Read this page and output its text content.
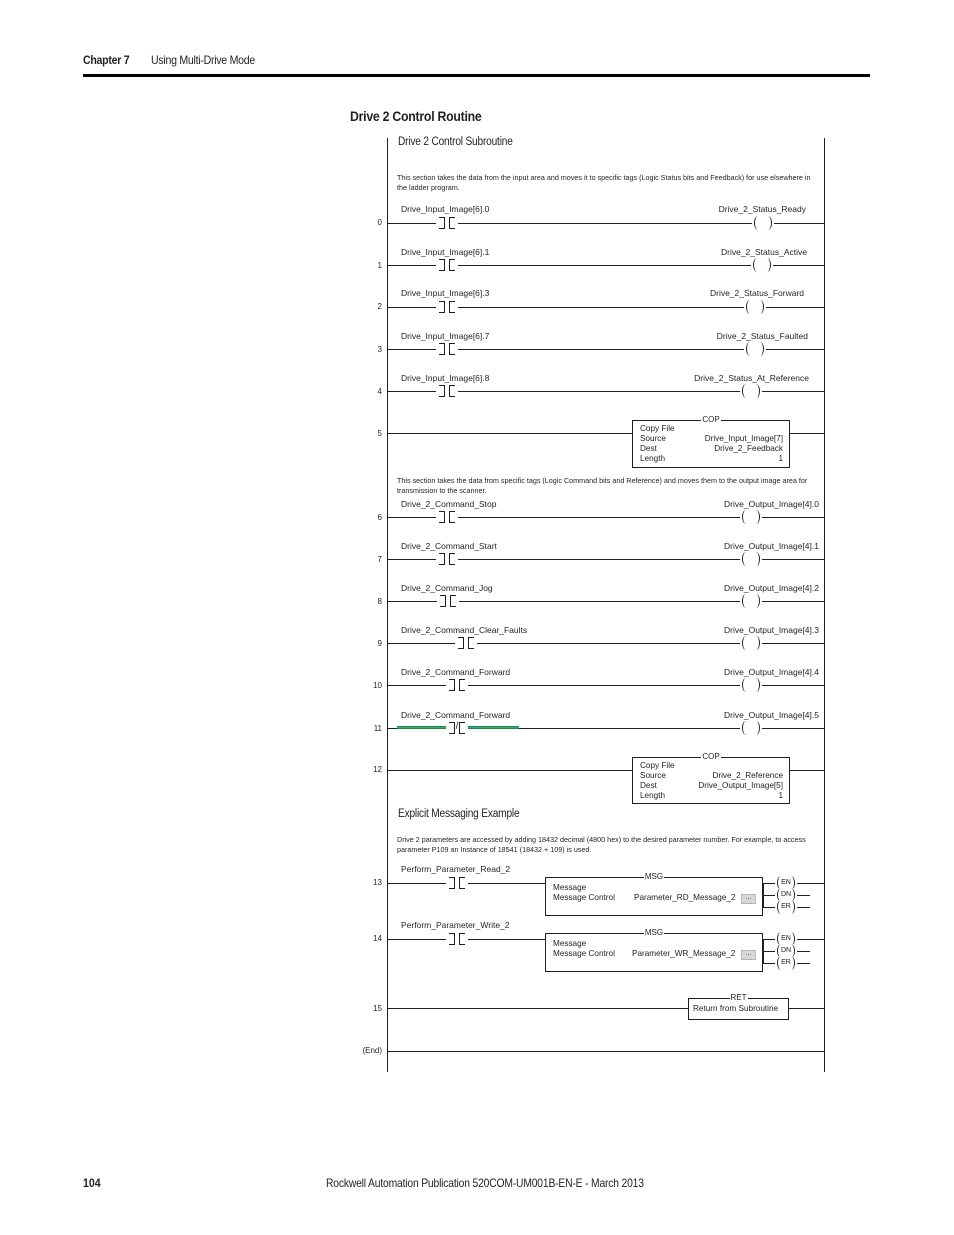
Chapter 7 Using Multi-Drive Mode
Drive 2 Control Routine
Drive 2 Control Subroutine
This section takes the data from the input area and moves it to specific tags (Logic Status bits and Feedback) for use elsewhere in the ladder program.
0
Drive_Input_Image[6].0	Drive_2_Status_Ready
1
Drive_Input_Image[6].1	Drive_2_Status_Active
2
Drive_Input_Image[6].3	Drive_2_Status_Forward
3
Drive_Input_Image[6].7	Drive_2_Status_Faulted
4
Drive_Input_Image[6].8	Drive_2_Status_At_Reference
5
COP
Copy File
Source	Drive_Input_Image[7]
Dest	Drive_2_Feedback
Length	1
This section takes the data from specific tags (Logic Command bits and Reference) and moves them to the output image area for transmission to the scanner.
6
Drive_2_Command_Stop	Drive_Output_Image[4].0
7
Drive_2_Command_Start	Drive_Output_Image[4].1
8
Drive_2_Command_Jog	Drive_Output_Image[4].2
9
Drive_2_Command_Clear_Faults	Drive_Output_Image[4].3
10
Drive_2_Command_Forward	Drive_Output_Image[4].4
11
Drive_2_Command_Forward
/
Drive_Output_Image[4].5
12
COP
Copy File
Source	Drive_2_Reference
Dest	Drive_Output_Image[5]
Length	1
Explicit Messaging Example
Drive 2 parameters are accessed by adding 18432 decimal (4800 hex) to the desired parameter number. For example, to access parameter P109 an Instance of 18541 (18432 + 109) is used.
13
Perform_Parameter_Read_2
MSG
Message
Message Control Parameter_RD_Message_2	...
EN
DN
ER
14
Perform_Parameter_Write_2
MSG
Message
Message Control Parameter_WR_Message_2	...
EN
DN
ER
15
RET
Return from Subroutine
(End)
104	Rockwell Automation Publication 520COM-UM001B-EN-E - March 2013
